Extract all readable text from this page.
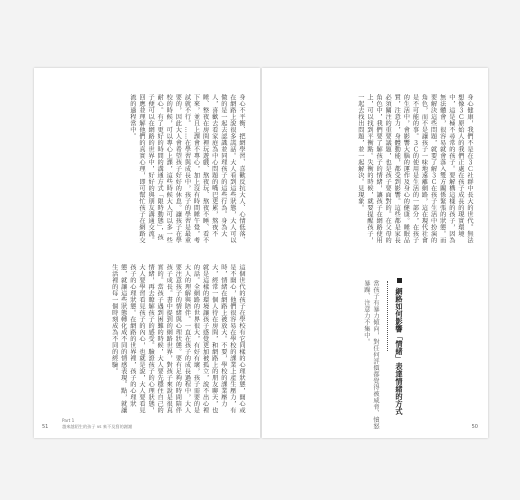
身心不平衡、把網學習、喜歡反抗大人、心情低落、在網路上說很多謊話。大人看到這些狀態，大人可以做的是一起去認識並同理孩子的這些行為。身為大人，喜歡去看家庭為中心問題的嘴巴更累，熬夜不睡、整夜在房間裡玩遊戲、熬夜玩、熬夜不睡、看不下來，並且上課會不專心，加上沒有時間睡午覺，考試就不行。……在學習與成長中，孩子的學習是最重要的，因此大人會希望孩子好好的休息。讓孩子在學校的時候，可以專心上課，這些時候大人可以多一些耐心。有了更好的時間的溝通方式「限時動態」，孩子便可以在網路的世界中，好好的與朋友溝通交流。回應並理解他們的真實心理，即可幫忙孩子在網路交流的過程當中。
這個世代的孩子在學校有它同樣的心理狀態，開心或是不開心，他們很容易在學校的課業上產生壓力，有時，情緒在網路上被放大。不要，學校的課業壓力大，經常一個人待在房間，和網路上的朋友聊天，也就是這樣的環境讓孩子感覺更加被孤立，說不出心裡的話。全網路的世界很大，有好有壞，孩子需要的是大人的理解與陪伴。一直在孩子的成長過程中，大人要注意孩子的情緒與心理狀態。要有足夠的時間陪伴孩子成長。書中提到的網路世界，對孩子來說是很真實的。當孩子遇到困難的時候，大人要先穩住自己的情緒，再去瞭解孩子的感受。驗證孩子的心理狀態，大人要學習看見孩子的內心，也就是說，大人要看見孩子的心理狀態。在網路的世界裡，孩子的心理狀態，就讓這些狀態轉化成不同的情感表現。點，就讓生活裡的每一個時刻成為不同的經驗。
51
Part 1
越來越陌生的孩子 vs 來不及寫的謝謝
身心健康，我們不是在３Ｃ社群中長大的世代。無法想像３Ｃ原始人的我們正處在孩子成長的現實環境中，這是極不尋常的孩子。要解構這樣的孩子，因為無法體會，很容易就會落入雙方關係緊張的狀態。而要解決這些問題，就要了解３Ｃ在孩子生活中扮演的角色，而不是讓孩子一味地遠離網路，這在現代社會是不可能的事。３Ｃ的使用是生活的一部分，在孩子的生活中，會影響大腦的運作及身心的健康。睡眠品質，注意力，身體動能，都受到影響。這些都是家長必須關注的重要議題，也是孩子要面對的。在父母的角色中，我們要了解孩子的情緒，讓孩子在網路使用上，可以找到平衡點。失衡的時候，就要提醒孩子，一起去找出問題，並一起解決。見現象。
網路如何影響「情緒」表達情緒的方式
當孩子有暴力傾向，對任何評價都覺得被威脅、憤怒暴躁、注意力不集中。
50
